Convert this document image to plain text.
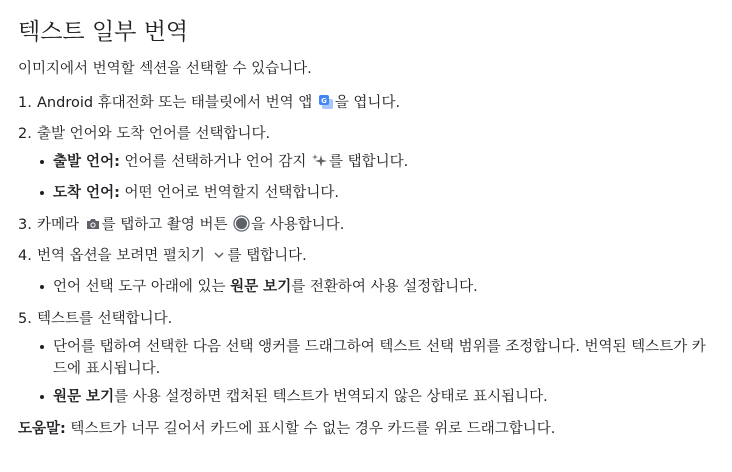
텍스트 일부 번역

이미지에서 번역할 섹션을 선택할 수 있습니다.

1. Android 휴대전화 또는 태블릿에서 번역 앱 G 을 엽니다.
2. 출발 언어와 도착 언어를 선택합니다.
출발 언어: 언어를 선택하거나 언어 감지 를 탭합니다.
도착 언어: 어떤 언어로 번역할지 선택합니다.
3. 카메라 를 탭하고 촬영 버튼 을 사용합니다.
4. 번역 옵션을 보려면 펼치기 를 탭합니다.
언어 선택 도구 아래에 있는 원문 보기를 전환하여 사용 설정합니다.
5. 텍스트를 선택합니다.
단어를 탭하여 선택한 다음 선택 앵커를 드래그하여 텍스트 선택 범위를 조정합니다. 번역된 텍스트가 카드에 표시됩니다.
원문 보기를 사용 설정하면 캡처된 텍스트가 번역되지 않은 상태로 표시됩니다.

도움말: 텍스트가 너무 길어서 카드에 표시할 수 없는 경우 카드를 위로 드래그합니다.
